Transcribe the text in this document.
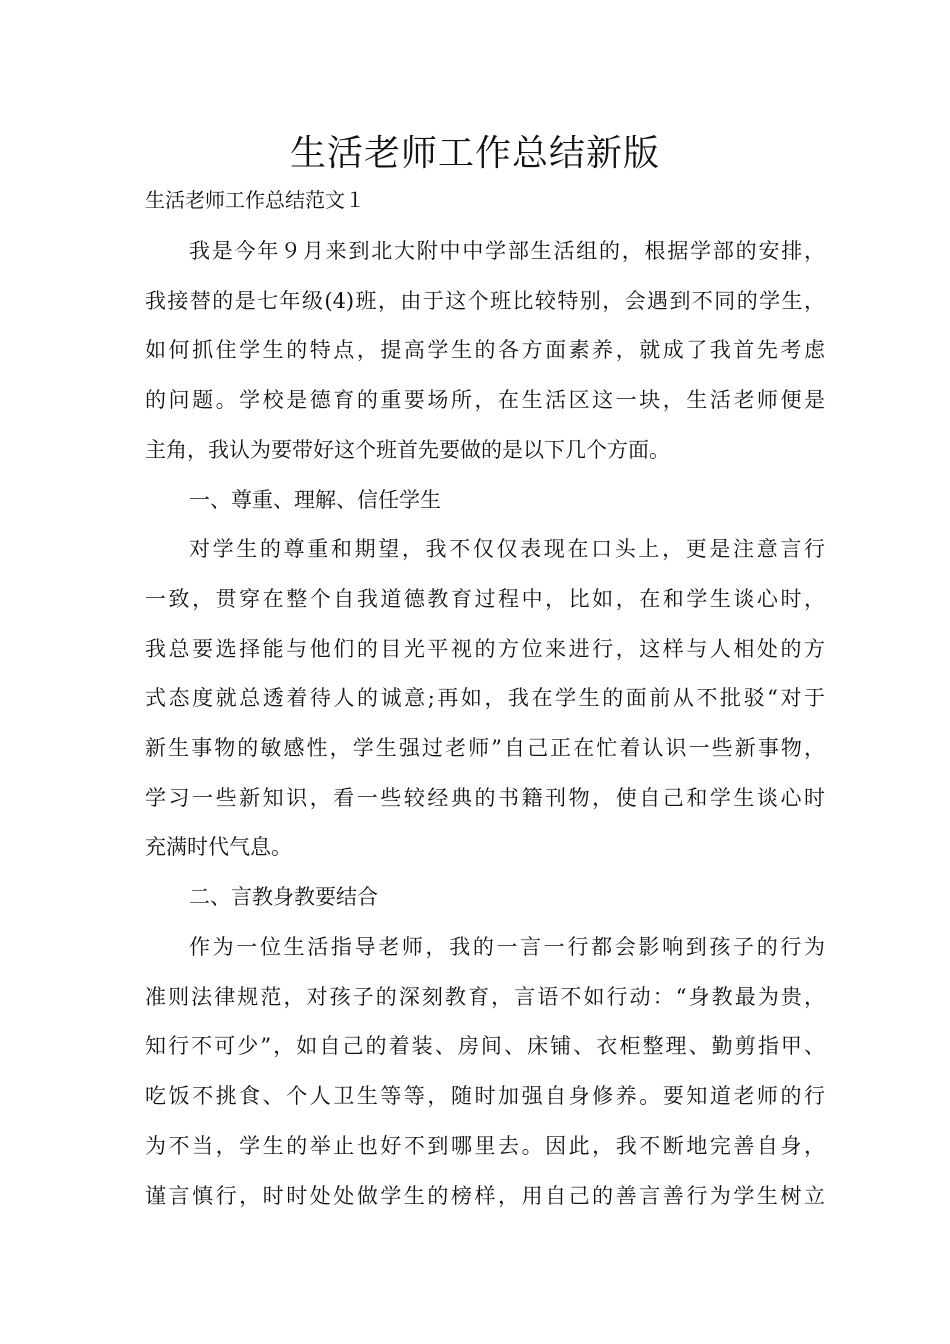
生活老师工作总结新版

生活老师工作总结范文１

我是今年９月来到北大附中中学部生活组的，根据学部的安排，

我接替的是七年级(4)班，由于这个班比较特别，会遇到不同的学生，

如何抓住学生的特点，提高学生的各方面素养，就成了我首先考虑

的问题。学校是德育的重要场所，在生活区这一块，生活老师便是

主角，我认为要带好这个班首先要做的是以下几个方面。

一、尊重、理解、信任学生

对学生的尊重和期望，我不仅仅表现在口头上，更是注意言行

一致，贯穿在整个自我道德教育过程中，比如，在和学生谈心时，

我总要选择能与他们的目光平视的方位来进行，这样与人相处的方

式态度就总透着待人的诚意;再如，我在学生的面前从不批驳“对于

新生事物的敏感性，学生强过老师”自己正在忙着认识一些新事物，

学习一些新知识，看一些较经典的书籍刊物，使自己和学生谈心时

充满时代气息。

二、言教身教要结合

作为一位生活指导老师，我的一言一行都会影响到孩子的行为

准则法律规范，对孩子的深刻教育，言语不如行动：“身教最为贵，

知行不可少”，如自己的着装、房间、床铺、衣柜整理、勤剪指甲、

吃饭不挑食、个人卫生等等，随时加强自身修养。要知道老师的行

为不当，学生的举止也好不到哪里去。因此，我不断地完善自身，

谨言慎行，时时处处做学生的榜样，用自己的善言善行为学生树立
